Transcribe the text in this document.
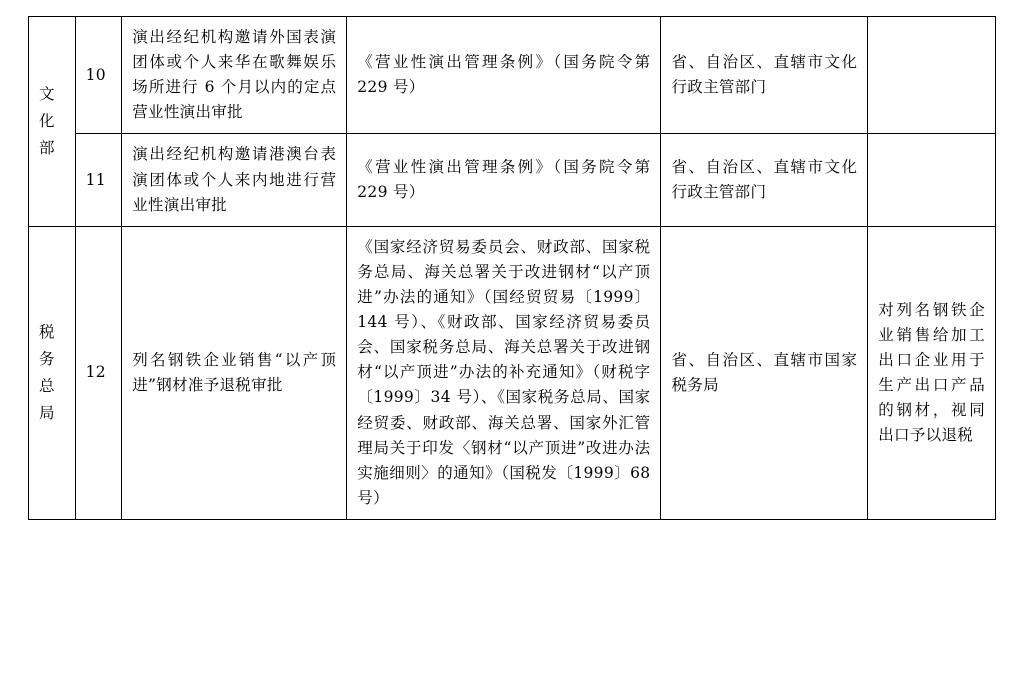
文
化
部	10	演出经纪机构邀请外国表演团体或个人来华在歌舞娱乐场所进行 6 个月以内的定点营业性演出审批	《营业性演出管理条例》（国务院令第 229 号）	省、自治区、直辖市文化行政主管部门	
	11	演出经纪机构邀请港澳台表演团体或个人来内地进行营业性演出审批	《营业性演出管理条例》（国务院令第 229 号）	省、自治区、直辖市文化行政主管部门	

税
务
总
局	12	列名钢铁企业销售“以产顶进”钢材准予退税审批	《国家经济贸易委员会、财政部、国家税务总局、海关总署关于改进钢材“以产顶进”办法的通知》（国经贸贸易〔1999〕144 号）、《财政部、国家经济贸易委员会、国家税务总局、海关总署关于改进钢材“以产顶进”办法的补充通知》（财税字〔1999〕34 号）、《国家税务总局、国家经贸委、财政部、海关总署、国家外汇管理局关于印发〈钢材“以产顶进”改进办法实施细则〉的通知》（国税发〔1999〕68 号）	省、自治区、直辖市国家税务局	对列名钢铁企业销售给加工出口企业用于生产出口产品的钢材，视同出口予以退税
